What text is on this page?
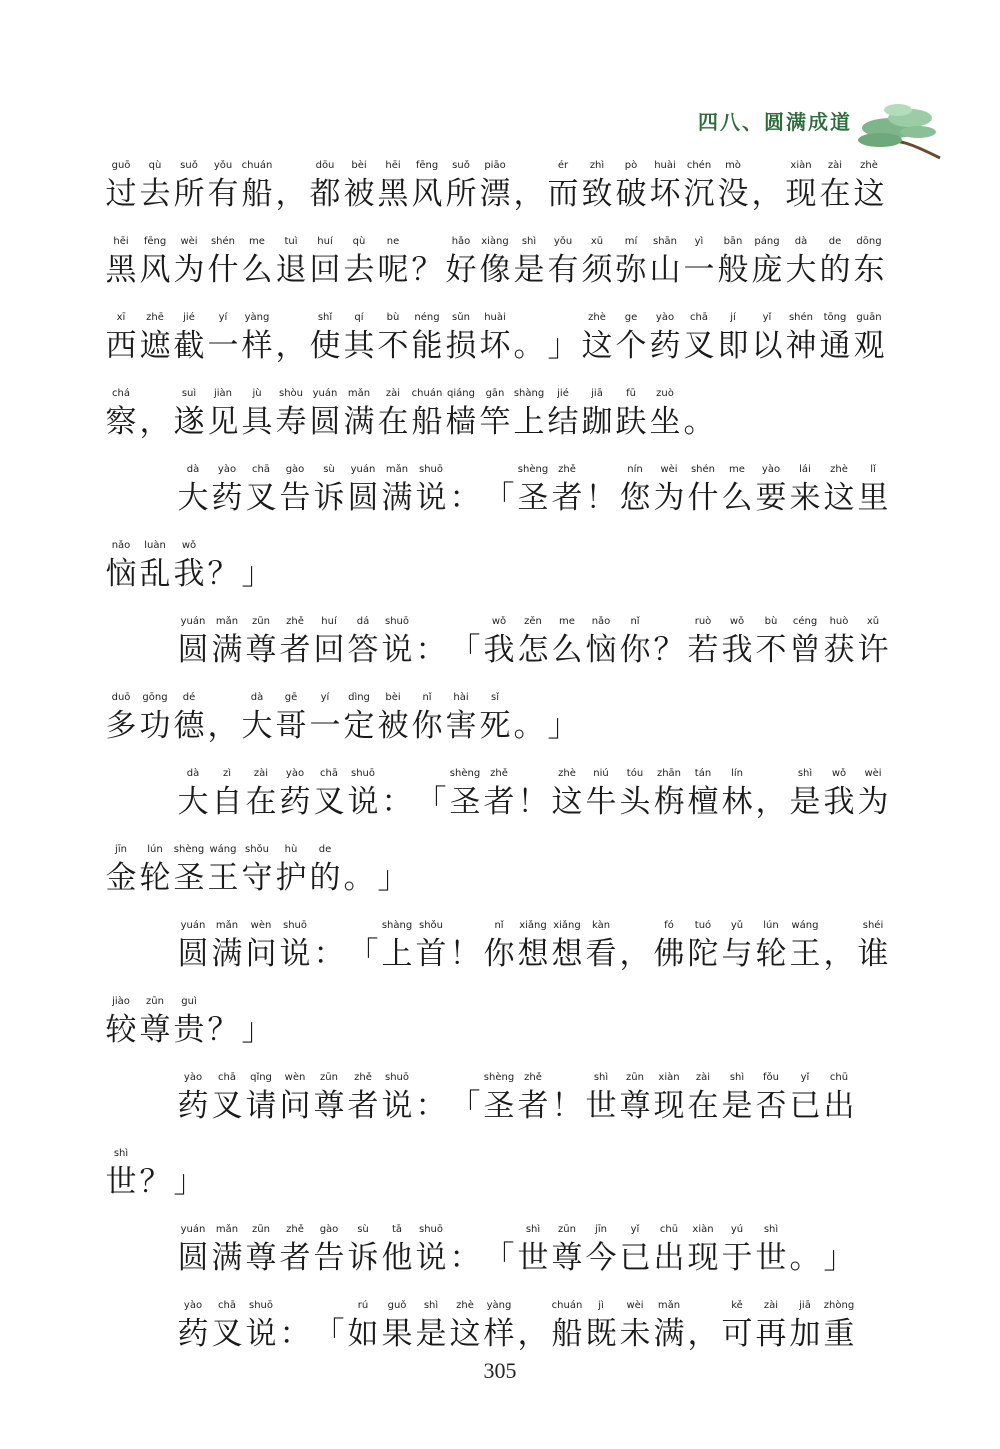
四八、圆满成道
guō
过
qù
去
suǒ
所
yǒu
有
chuán
船 ，
dōu
都
bèi
被
hēi
黑
fēng
风
suǒ
所
piāo
漂 ，
ér
而
zhì
致
pò
破
huài
坏
chén
沉
mò
没 ，
xiàn
现
zài
在
zhè
这
hēi
黑
fēng
风
wèi
为
shén
什
me
么
tuì
退
huí
回
qù
去
ne
呢 ？
hǎo
好
xiàng
像
shì
是
yǒu
有
xū
须
mí
弥
shān
山
yì
一
bān
般
páng
庞
dà
大
de
的
dōng
东
xī
西
zhē
遮
jié
截
yí
一
yàng
样 ，
shǐ
使
qí
其
bù
不
néng
能
sǔn
损
huài
坏 。 」
zhè
这
ge
个
yào
药
chā
叉
jí
即
yǐ
以
shén
神
tōng
通
guān
观
chá
察 ，
suì
遂
jiàn
见
jù
具
shòu
寿
yuán
圆
mǎn
满
zài
在
chuán
船
qiáng
樯
gān
竿
shàng
上
jié
结
jiā
跏
fū
趺
zuò
坐 。
dà
大
yào
药
chā
叉
gào
告
sù
诉
yuán
圆
mǎn
满
shuō
说 ： 「
shèng
圣
zhě
者 ！
nín
您
wèi
为
shén
什
me
么
yào
要
lái
来
zhè
这
lǐ
里
nǎo
恼
luàn
乱
wǒ
我 ？ 」
yuán
圆
mǎn
满
zūn
尊
zhě
者
huí
回
dá
答
shuō
说 ： 「
wǒ
我
zěn
怎
me
么
nǎo
恼
nǐ
你 ？
ruò
若
wǒ
我
bù
不
céng
曾
huò
获
xǔ
许
duō
多
gōng
功
dé
德 ，
dà
大
gē
哥
yí
一
dìng
定
bèi
被
nǐ
你
hài
害
sǐ
死 。 」
dà
大
zì
自
zài
在
yào
药
chā
叉
shuō
说 ： 「
shèng
圣
zhě
者 ！
zhè
这
niú
牛
tóu
头
zhān
栴
tán
檀
lín
林 ，
shì
是
wǒ
我
wèi
为
jīn
金
lún
轮
shèng
圣
wáng
王
shǒu
守
hù
护
de
的 。 」
yuán
圆
mǎn
满
wèn
问
shuō
说 ： 「
shàng
上
shǒu
首 ！
nǐ
你
xiǎng
想
xiǎng
想
kàn
看 ，
fó
佛
tuó
陀
yǔ
与
lún
轮
wáng
王 ，
shéi
谁
jiào
较
zūn
尊
guì
贵 ？ 」
yào
药
chā
叉
qǐng
请
wèn
问
zūn
尊
zhě
者
shuō
说 ： 「
shèng
圣
zhě
者 ！
shì
世
zūn
尊
xiàn
现
zài
在
shì
是
fǒu
否
yǐ
已
chū
出
shì
世 ？ 」
yuán
圆
mǎn
满
zūn
尊
zhě
者
gào
告
sù
诉
tā
他
shuō
说 ： 「
shì
世
zūn
尊
jīn
今
yǐ
已
chū
出
xiàn
现
yú
于
shì
世 。 」
yào
药
chā
叉
shuō
说 ： 「
rú
如
guǒ
果
shì
是
zhè
这
yàng
样 ，
chuán
船
jì
既
wèi
未
mǎn
满 ，
kě
可
zài
再
jiā
加
zhòng
重
305
